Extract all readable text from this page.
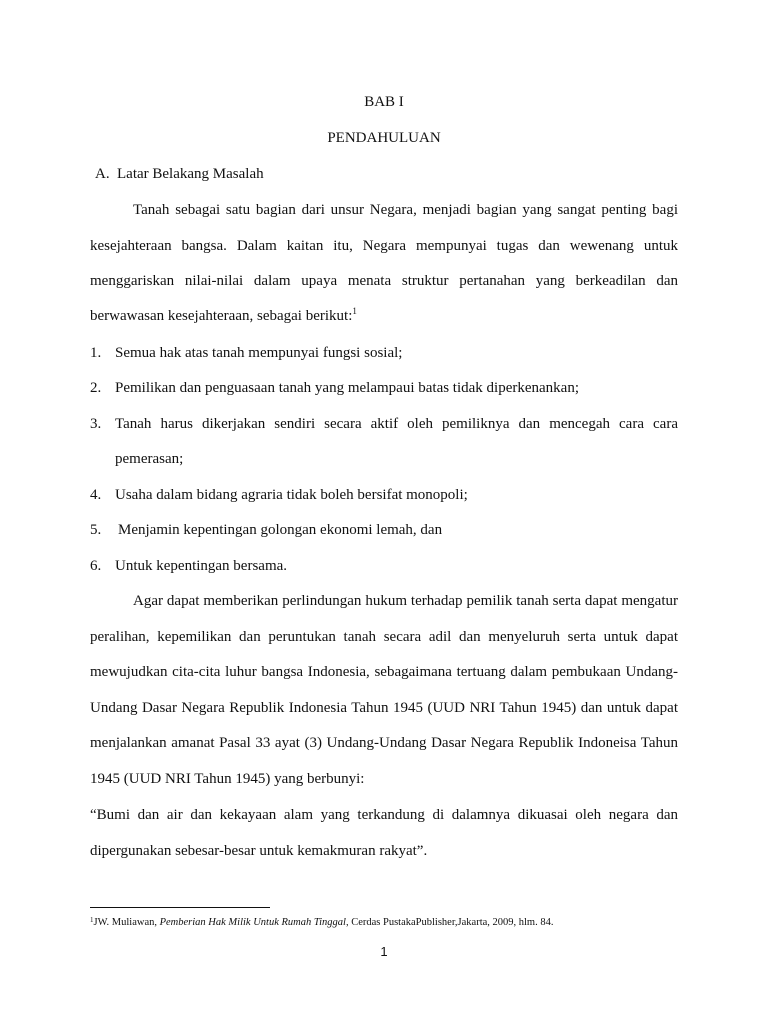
BAB I
PENDAHULUAN
A. Latar Belakang Masalah
Tanah sebagai satu bagian dari unsur Negara, menjadi bagian yang sangat penting bagi
kesejahteraan bangsa. Dalam kaitan itu, Negara mempunyai tugas dan wewenang untuk
menggariskan nilai-nilai dalam upaya menata struktur pertanahan yang berkeadilan dan
berwawasan kesejahteraan, sebagai berikut:$^1$
1. Semua hak atas tanah mempunyai fungsi sosial;
2. Pemilikan dan penguasaan tanah yang melampaui batas tidak diperkenankan;
3. Tanah harus dikerjakan sendiri secara aktif oleh pemiliknya dan mencegah cara cara
pemerasan;
4. Usaha dalam bidang agraria tidak boleh bersifat monopoli;
5. Menjamin kepentingan golongan ekonomi lemah, dan
6. Untuk kepentingan bersama.
Agar dapat memberikan perlindungan hukum terhadap pemilik tanah serta dapat mengatur
peralihan, kepemilikan dan peruntukan tanah secara adil dan menyeluruh serta untuk dapat
mewujudkan cita-cita luhur bangsa Indonesia, sebagaimana tertuang dalam pembukaan Undang-
Undang Dasar Negara Republik Indonesia Tahun 1945 (UUD NRI Tahun 1945) dan untuk dapat
menjalankan amanat Pasal 33 ayat (3) Undang-Undang Dasar Negara Republik Indoneisa Tahun
1945 (UUD NRI Tahun 1945) yang berbunyi:
“Bumi dan air dan kekayaan alam yang terkandung di dalamnya dikuasai oleh negara dan
dipergunakan sebesar-besar untuk kemakmuran rakyat”.
$^1$JW. Muliawan, Pemberian Hak Milik Untuk Rumah Tinggal, Cerdas PustakaPublisher,Jakarta, 2009, hlm. 84.
1
